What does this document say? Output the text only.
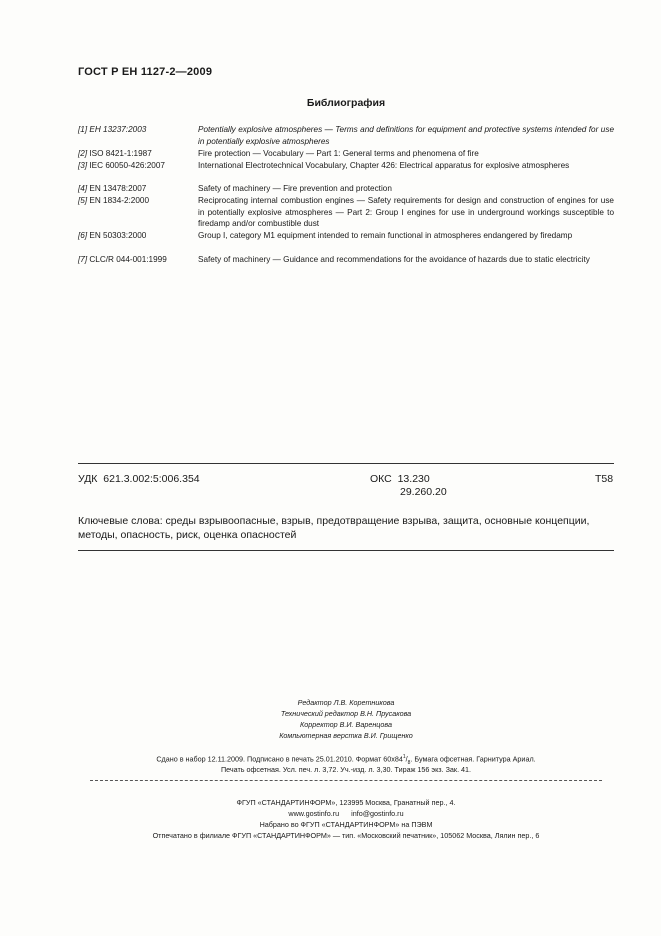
ГОСТ Р ЕН 1127-2—2009
Библиография
[1] ЕН 13237:2003	Potentially explosive atmospheres — Terms and definitions for equipment and protective systems intended for use in potentially explosive atmospheres
[2] ISO 8421-1:1987	Fire protection — Vocabulary — Part 1: General terms and phenomena of fire
[3] IEC 60050-426:2007	International Electrotechnical Vocabulary, Chapter 426: Electrical apparatus for explosive atmospheres
[4] EN 13478:2007	Safety of machinery — Fire prevention and protection
[5] EN 1834-2:2000	Reciprocating internal combustion engines — Safety requirements for design and construction of engines for use in potentially explosive atmospheres — Part 2: Group I engines for use in underground workings susceptible to firedamp and/or combustible dust
[6] EN 50303:2000	Group I, category M1 equipment intended to remain functional in atmospheres endangered by firedamp
[7] CLC/R 044-001:1999	Safety of machinery — Guidance and recommendations for the avoidance of hazards due to static electricity
УДК 621.3.002:5:006.354	ОКС 13.230
29.260.20
Т58
Ключевые слова: среды взрывоопасные, взрыв, предотвращение взрыва, защита, основные концепции, методы, опасность, риск, оценка опасностей
Редактор Л.В. Коретникова
Технический редактор В.Н. Прусакова
Корректор В.И. Варенцова
Компьютерная верстка В.И. Грищенко
Сдано в набор 12.11.2009. Подписано в печать 25.01.2010. Формат $60х84^1/_8$. Бумага офсетная. Гарнитура Ариал.
Печать офсетная. Усл. печ. л. 3,72. Уч.-изд. л. 3,30. Тираж 156 экз. Зак. 41.
ФГУП «СТАНДАРТИНФОРМ», 123995 Москва, Гранатный пер., 4.
www.gostinfo.ru info@gostinfo.ru
Набрано во ФГУП «СТАНДАРТИНФОРМ» на ПЭВМ
Отпечатано в филиале ФГУП «СТАНДАРТИНФОРМ» — тип. «Московский печатник», 105062 Москва, Лялин пер., 6
